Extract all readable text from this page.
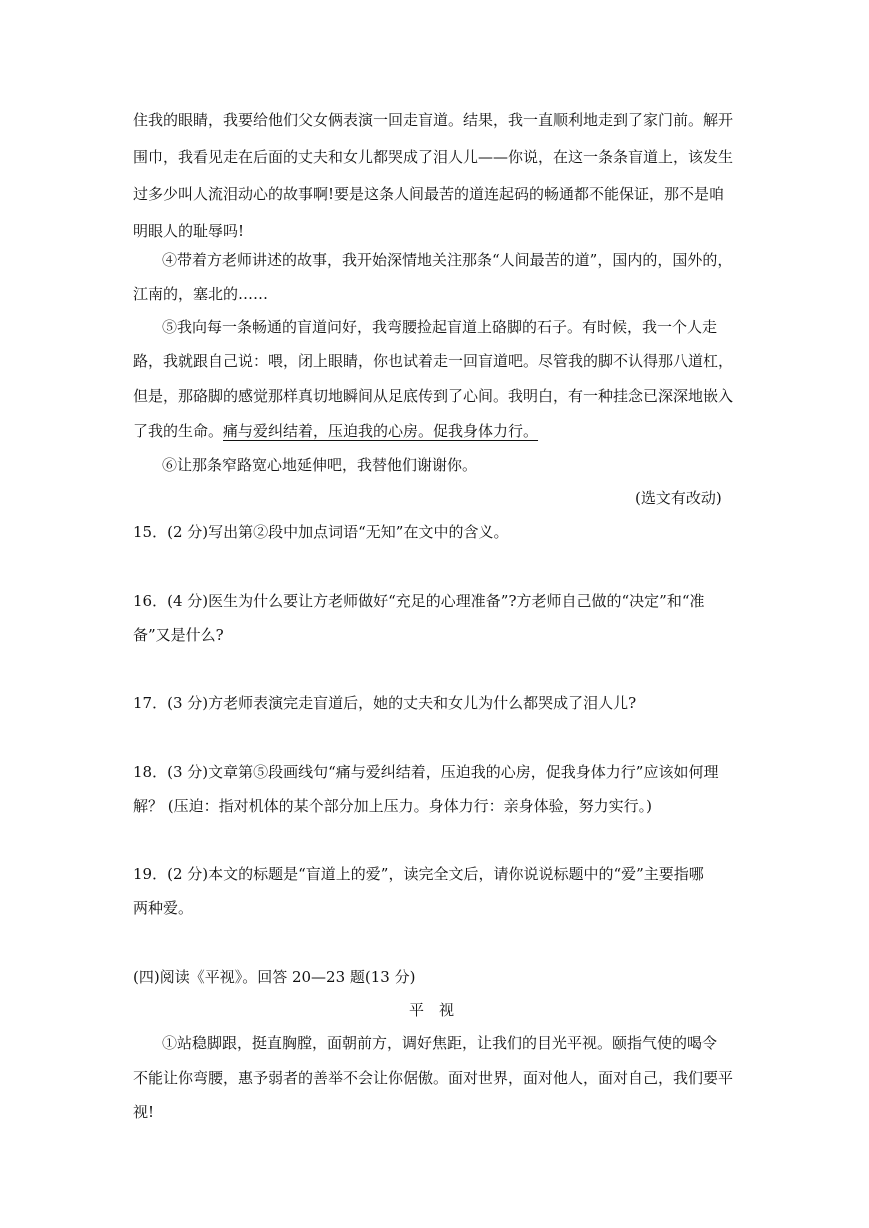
住我的眼睛，我要给他们父女俩表演一回走盲道。结果，我一直顺利地走到了家门前。解开
围巾，我看见走在后面的丈夫和女儿都哭成了泪人儿——你说，在这一条条盲道上，该发生
过多少叫人流泪动心的故事啊!要是这条人间最苦的道连起码的畅通都不能保证，那不是咱
明眼人的耻辱吗!
④带着方老师讲述的故事，我开始深情地关注那条“人间最苦的道”，国内的，国外的，
江南的，塞北的……
⑤我向每一条畅通的盲道问好，我弯腰捡起盲道上硌脚的石子。有时候，我一个人走
路，我就跟自己说：喂，闭上眼睛，你也试着走一回盲道吧。尽管我的脚不认得那八道杠，
但是，那硌脚的感觉那样真切地瞬间从足底传到了心间。我明白，有一种挂念已深深地嵌入
了我的生命。痛与爱纠结着，压迫我的心房。促我身体力行。
⑥让那条窄路宽心地延伸吧，我替他们谢谢你。
(选文有改动)
15．(2 分)写出第②段中加点词语“无知”在文中的含义。
16．(4 分)医生为什么要让方老师做好“充足的心理准备”?方老师自己做的“决定”和“准
备”又是什么?
17．(3 分)方老师表演完走盲道后，她的丈夫和女儿为什么都哭成了泪人儿?
18．(3 分)文章第⑤段画线句“痛与爱纠结着，压迫我的心房，促我身体力行”应该如何理
解？ (压迫：指对机体的某个部分加上压力。身体力行：亲身体验，努力实行。)
19．(2 分)本文的标题是“盲道上的爱”，读完全文后，请你说说标题中的“爱”主要指哪
两种爱。
(四)阅读《平视》。回答 20—23 题(13 分)
平　视
①站稳脚跟，挺直胸膛，面朝前方，调好焦距，让我们的目光平视。颐指气使的喝令
不能让你弯腰，惠予弱者的善举不会让你倨傲。面对世界，面对他人，面对自己，我们要平
视!
